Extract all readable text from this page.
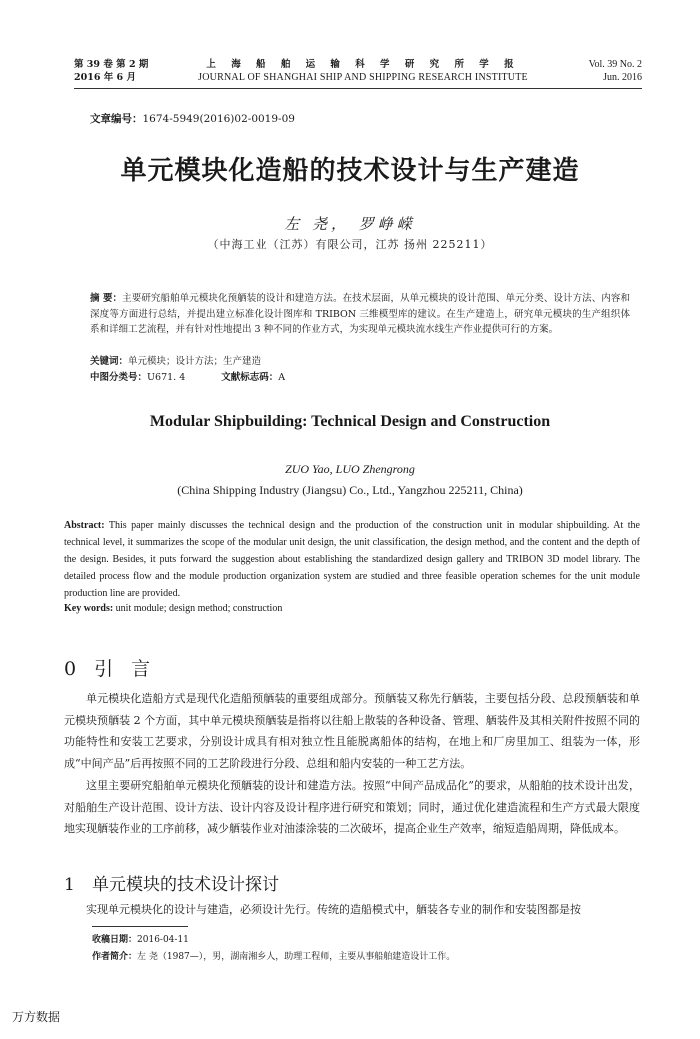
第 39 卷 第 2 期
2016 年 6 月
上 海 船 舶 运 输 科 学 研 究 所 学 报
JOURNAL OF SHANGHAI SHIP AND SHIPPING RESEARCH INSTITUTE
Vol. 39 No. 2
Jun. 2016
文章编号：1674-5949(2016)02-0019-09
单元模块化造船的技术设计与生产建造
左 尧， 罗峥嵘
（中海工业（江苏）有限公司，江苏 扬州 225211）
摘 要：主要研究船舶单元模块化预舾装的设计和建造方法。在技术层面，从单元模块的设计范围、单元分类、设计方法、内容和深度等方面进行总结，并提出建立标准化设计图库和 TRIBON 三维模型库的建议。在生产建造上，研究单元模块的生产组织体系和详细工艺流程，并有针对性地提出 3 种不同的作业方式，为实现单元模块流水线生产作业提供可行的方案。
关键词：单元模块；设计方法；生产建造
中图分类号：U671. 4	文献标志码：A
Modular Shipbuilding: Technical Design and Construction
ZUO Yao, LUO Zhengrong
(China Shipping Industry (Jiangsu) Co., Ltd., Yangzhou 225211, China)
Abstract: This paper mainly discusses the technical design and the production of the construction unit in modular shipbuilding. At the technical level, it summarizes the scope of the modular unit design, the unit classification, the design method, and the content and the depth of the design. Besides, it puts forward the suggestion about establishing the standardized design gallery and TRIBON 3D model library. The detailed process flow and the module production organization system are studied and three feasible operation schemes for the unit module production line are provided.
Key words: unit module; design method; construction
0 引 言
单元模块化造船方式是现代化造船预舾装的重要组成部分。预舾装又称先行舾装，主要包括分段、总段预舾装和单元模块预舾装 2 个方面，其中单元模块预舾装是指将以往船上散装的各种设备、管理、舾装件及其相关附件按照不同的功能特性和安装工艺要求，分别设计成具有相对独立性且能脱离船体的结构，在地上和厂房里加工、组装为一体，形成“中间产品”后再按照不同的工艺阶段进行分段、总组和船内安装的一种工艺方法。
这里主要研究船舶单元模块化预舾装的设计和建造方法。按照“中间产品成品化”的要求，从船舶的技术设计出发，对船舶生产设计范围、设计方法、设计内容及设计程序进行研究和策划；同时，通过优化建造流程和生产方式最大限度地实现舾装作业的工序前移，减少舾装作业对油漆涂装的二次破坏，提高企业生产效率，缩短造船周期，降低成本。
1 单元模块的技术设计探讨
实现单元模块化的设计与建造，必须设计先行。传统的造船模式中，舾装各专业的制作和安装图都是按
收稿日期：2016-04-11
作者简介：左 尧（1987—），男，湖南湘乡人，助理工程师，主要从事船舶建造设计工作。
万方数据
